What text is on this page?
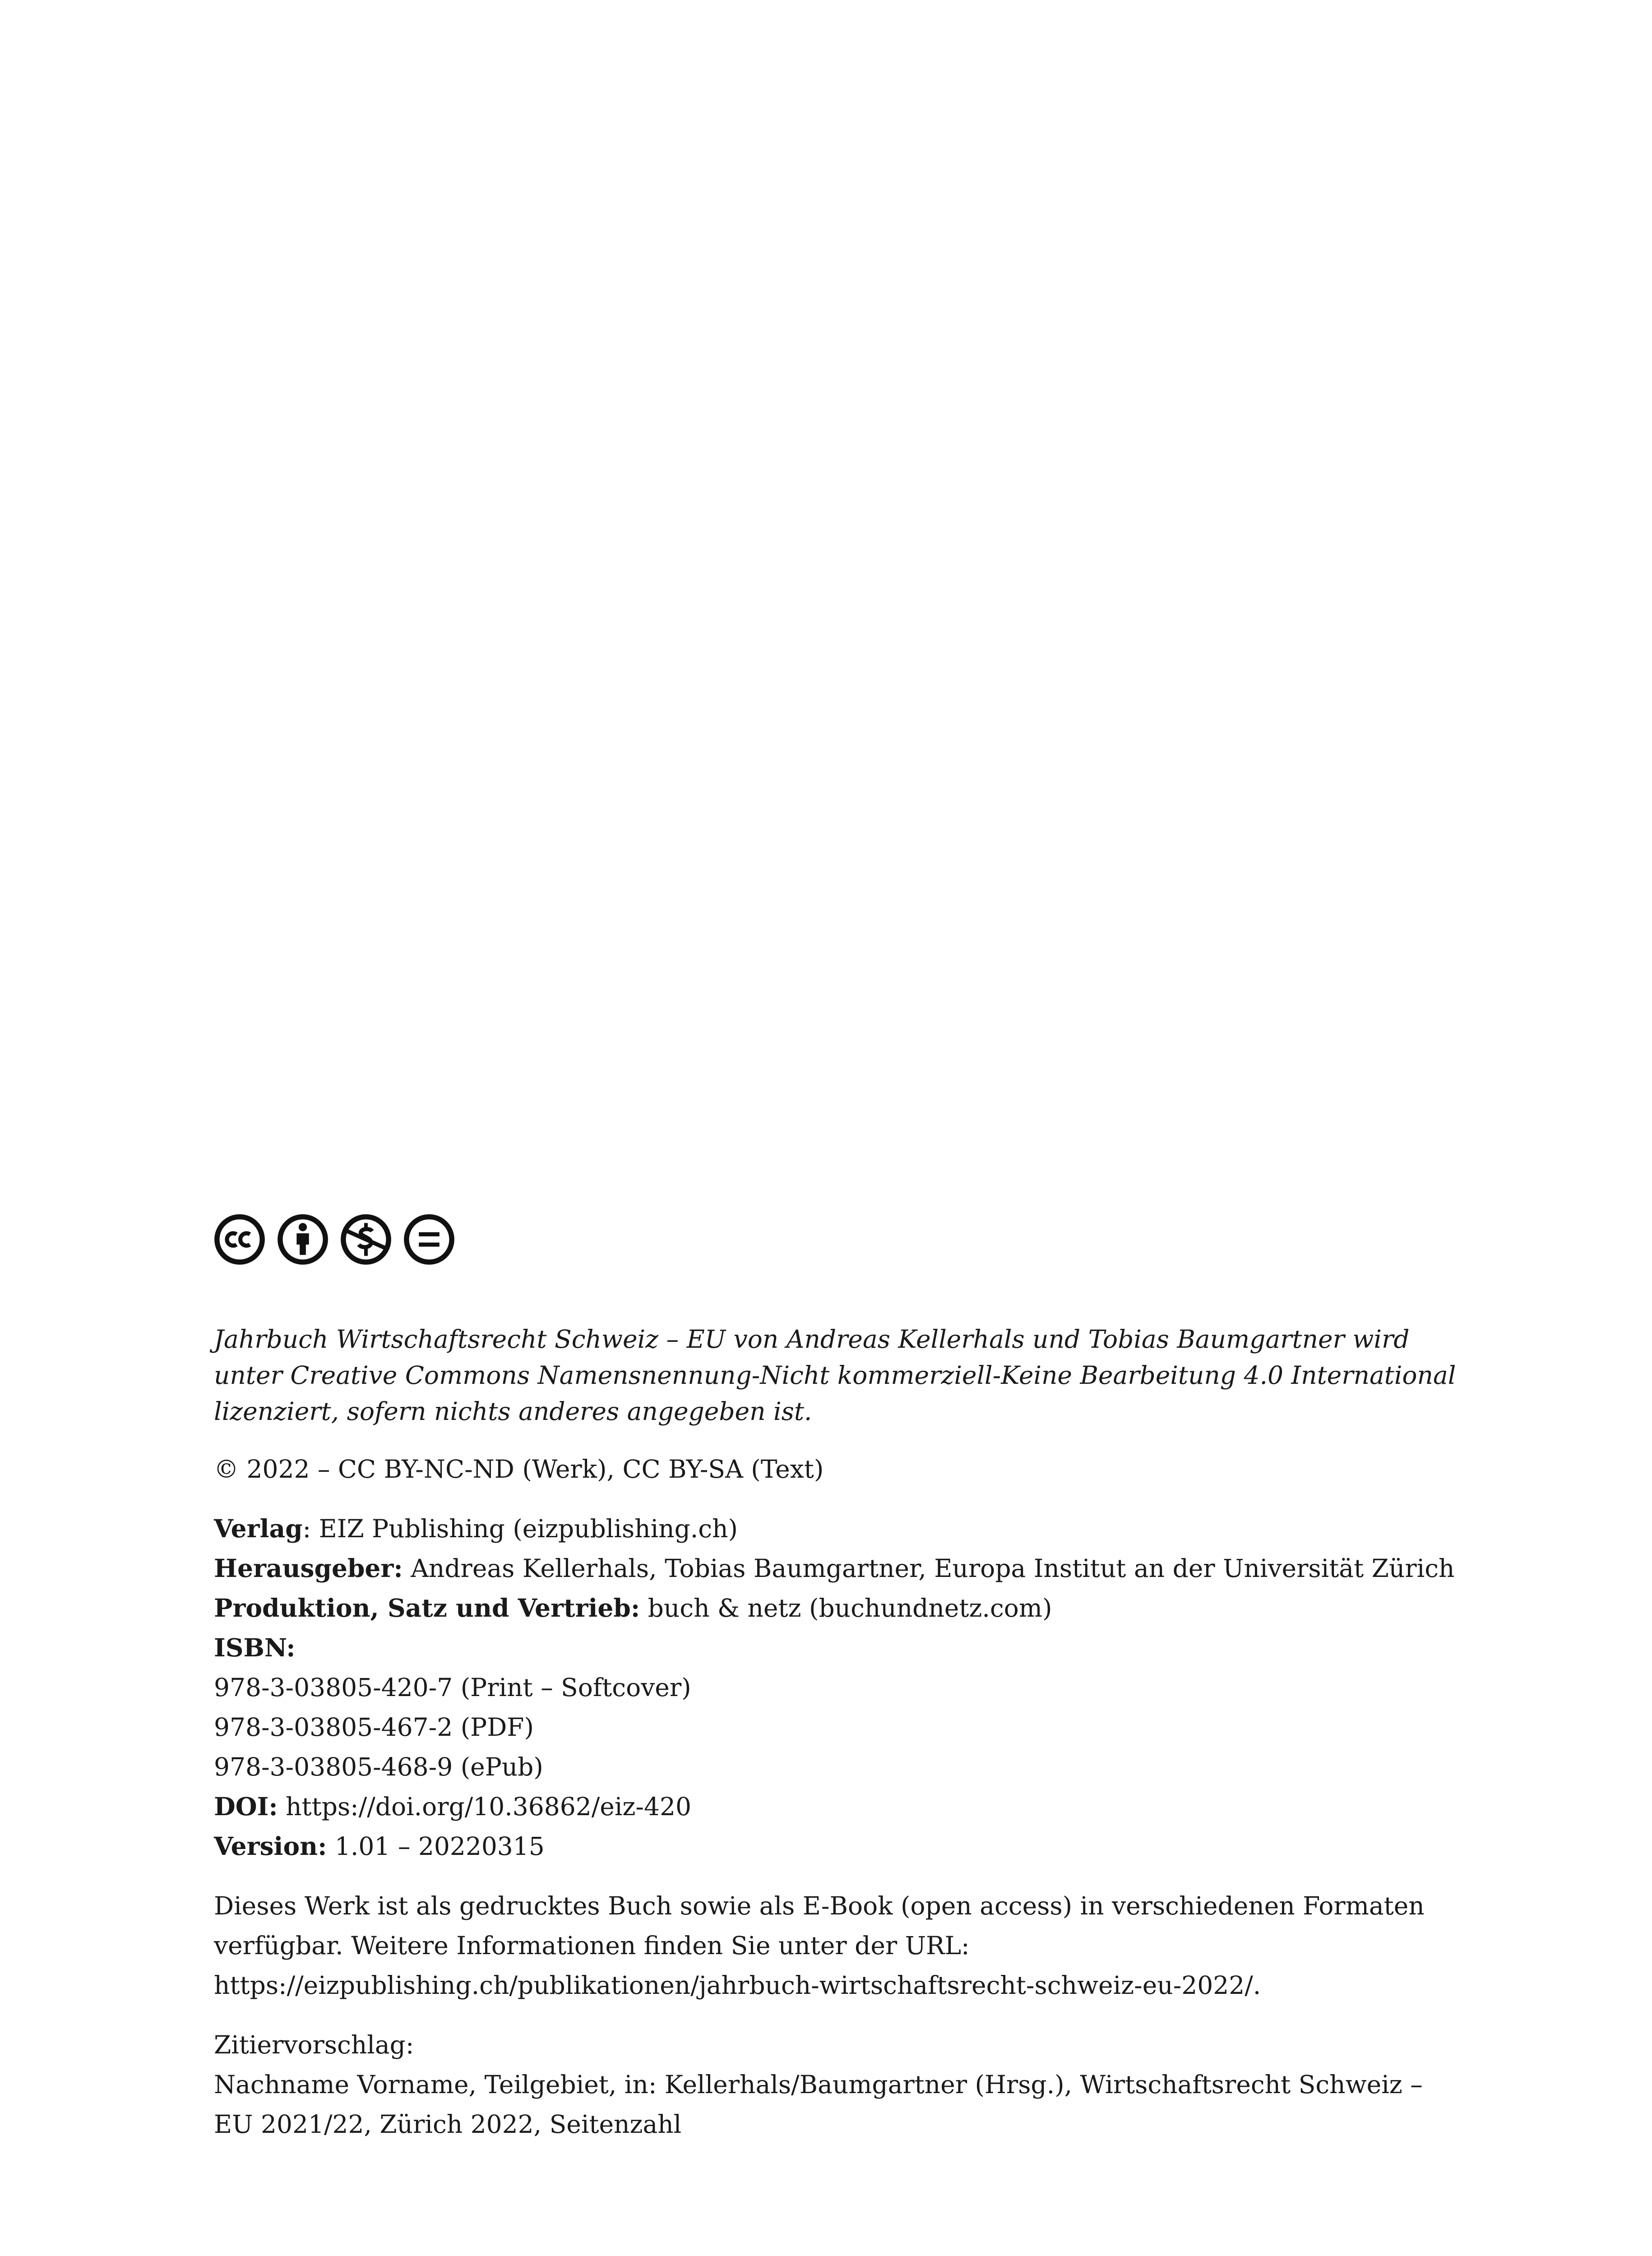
Jahrbuch Wirtschaftsrecht Schweiz – EU von Andreas Kellerhals und Tobias Baumgartner wird unter Creative Commons Namensnennung-Nicht kommerziell-Keine Bearbeitung 4.0 International lizenziert, sofern nichts anderes angegeben ist.

© 2022 – CC BY-NC-ND (Werk), CC BY-SA (Text)

Verlag: EIZ Publishing (eizpublishing.ch)

Herausgeber: Andreas Kellerhals, Tobias Baumgartner, Europa Institut an der Universität Zürich

Produktion, Satz und Vertrieb: buch & netz (buchundnetz.com)

ISBN:

978-3-03805-420-7 (Print – Softcover)

978-3-03805-467-2 (PDF)

978-3-03805-468-9 (ePub)

DOI: https://doi.org/10.36862/eiz-420

Version: 1.01 – 20220315

Dieses Werk ist als gedrucktes Buch sowie als E-Book (open access) in verschiedenen Formaten verfügbar. Weitere Informationen finden Sie unter der URL: https://eizpublishing.ch/publikationen/jahrbuch-wirtschaftsrecht-schweiz-eu-2022/.

Zitiervorschlag:

Nachname Vorname, Teilgebiet, in: Kellerhals/Baumgartner (Hrsg.), Wirtschaftsrecht Schweiz – EU 2021/22, Zürich 2022, Seitenzahl
